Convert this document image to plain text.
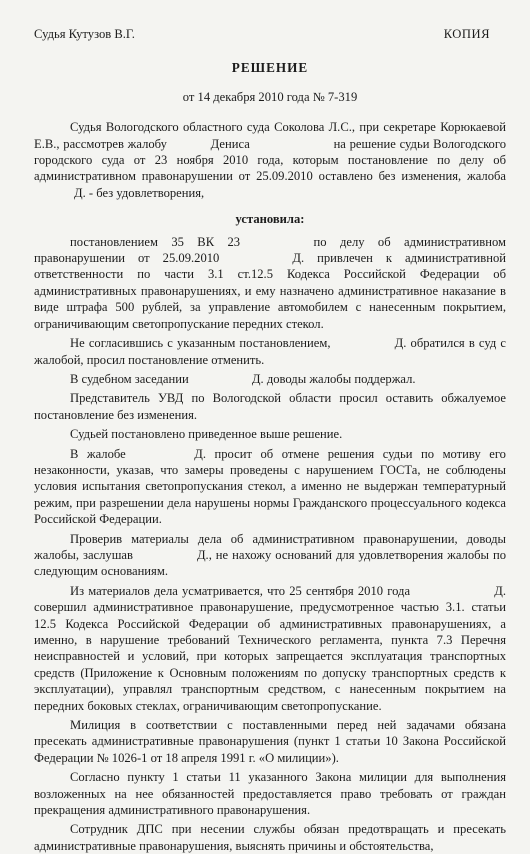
Судья Кутузов В.Г.	КОПИЯ
РЕШЕНИЕ
от 14 декабря 2010 года № 7-319

Судья Вологодского областного суда Соколова Л.С., при секретаре Корюкаевой Е.В., рассмотрев жалобу	Дениса	на решение судьи Вологодского городского суда от 23 ноября 2010 года, которым постановление по делу об административном правонарушении от 25.09.2010 оставлено без изменения, жалоба Д. - без удовлетворения,

установила:

постановлением 35 ВК 23	по делу об административном правонарушении от 25.09.2010	Д. привлечен к административной ответственности по части 3.1 ст.12.5 Кодекса Российской Федерации об административных правонарушениях, и ему назначено административное наказание в виде штрафа 500 рублей, за управление автомобилем с нанесенным покрытием, ограничивающим светопропускание передних стекол.

Не согласившись с указанным постановлением,	Д. обратился в суд с жалобой, просил постановление отменить.

В судебном заседании	Д. доводы жалобы поддержал.

Представитель УВД по Вологодской области просил оставить обжалуемое постановление без изменения.

Судьей постановлено приведенное выше решение.

В жалобе	Д. просит об отмене решения судьи по мотиву его незаконности, указав, что замеры проведены с нарушением ГОСТа, не соблюдены условия испытания светопропускания стекол, а именно не выдержан температурный режим, при разрешении дела нарушены нормы Гражданского процессуального кодекса Российской Федерации.

Проверив материалы дела об административном правонарушении, доводы жалобы, заслушав	Д., не нахожу оснований для удовлетворения жалобы по следующим основаниям.

Из материалов дела усматривается, что 25 сентября 2010 года	Д. совершил административное правонарушение, предусмотренное частью 3.1. статьи 12.5 Кодекса Российской Федерации об административных правонарушениях, а именно, в нарушение требований Технического регламента, пункта 7.3 Перечня неисправностей и условий, при которых запрещается эксплуатация транспортных средств (Приложение к Основным положениям по допуску транспортных средств к эксплуатации), управлял транспортным средством, с нанесенным покрытием на передних боковых стеклах, ограничивающим светопропускание.

Милиция в соответствии с поставленными перед ней задачами обязана пресекать административные правонарушения (пункт 1 статьи 10 Закона Российской Федерации № 1026-1 от 18 апреля 1991 г. «О милиции»).

Согласно пункту 1 статьи 11 указанного Закона милиции для выполнения возложенных на нее обязанностей предоставляется право требовать от граждан прекращения административного правонарушения.

Сотрудник ДПС при несении службы обязан предотвращать и пресекать административные правонарушения, выяснять причины и обстоятельства,
